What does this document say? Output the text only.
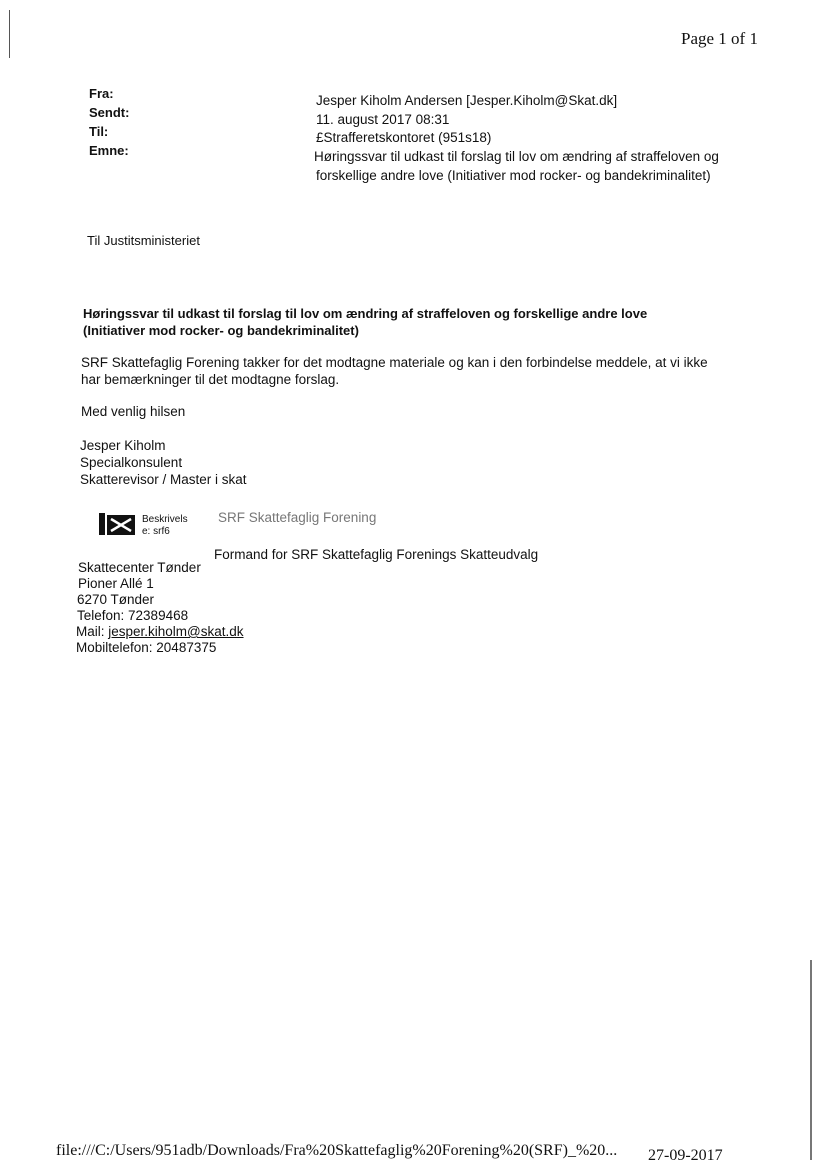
Page 1 of 1
Fra:
Sendt:
Til:
Emne:
Jesper Kiholm Andersen [Jesper.Kiholm@Skat.dk]
11. august 2017 08:31
£Strafferetskontoret (951s18)
Høringssvar til udkast til forslag til lov om ændring af straffeloven og
forskellige andre love (Initiativer mod rocker- og bandekriminalitet)
Til Justitsministeriet
Høringssvar til udkast til forslag til lov om ændring af straffeloven og forskellige andre love
(Initiativer mod rocker- og bandekriminalitet)
SRF Skattefaglig Forening takker for det modtagne materiale og kan i den forbindelse meddele, at vi ikke
har bemærkninger til det modtagne forslag.
Med venlig hilsen
Jesper Kiholm
Specialkonsulent
Skatterevisor / Master i skat
Beskrivels
e: srf6
SRF Skattefaglig Forening
Formand for SRF Skattefaglig Forenings Skatteudvalg
Skattecenter Tønder
Pioner Allé 1
6270 Tønder
Telefon: 72389468
Mail: jesper.kiholm@skat.dk
Mobiltelefon: 20487375
file:///C:/Users/951adb/Downloads/Fra%20Skattefaglig%20Forening%20(SRF)_%20... 27-09-2017
